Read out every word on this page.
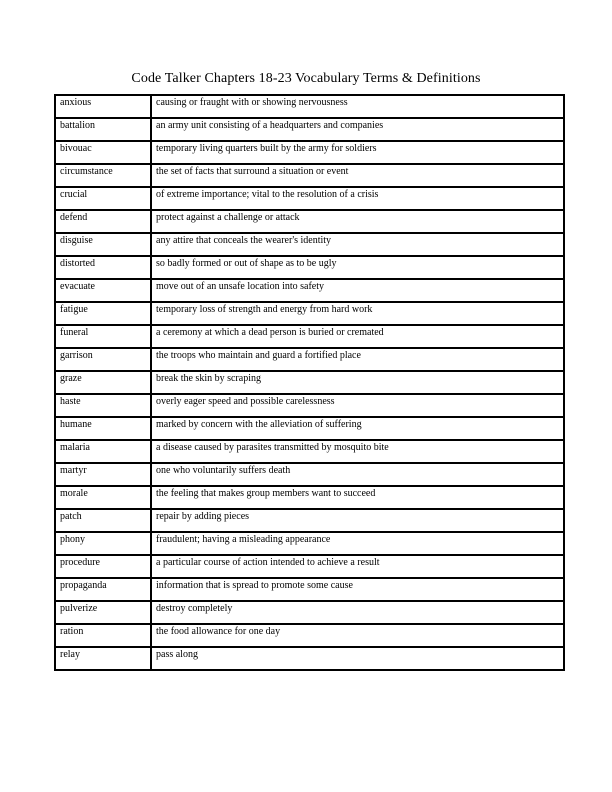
Code Talker Chapters 18-23 Vocabulary Terms & Definitions
anxious	causing or fraught with or showing nervousness
battalion	an army unit consisting of a headquarters and companies
bivouac	temporary living quarters built by the army for soldiers
circumstance	the set of facts that surround a situation or event
crucial	of extreme importance; vital to the resolution of a crisis
defend	protect against a challenge or attack
disguise	any attire that conceals the wearer's identity
distorted	so badly formed or out of shape as to be ugly
evacuate	move out of an unsafe location into safety
fatigue	temporary loss of strength and energy from hard work
funeral	a ceremony at which a dead person is buried or cremated
garrison	the troops who maintain and guard a fortified place
graze	break the skin by scraping
haste	overly eager speed and possible carelessness
humane	marked by concern with the alleviation of suffering
malaria	a disease caused by parasites transmitted by mosquito bite
martyr	one who voluntarily suffers death
morale	the feeling that makes group members want to succeed
patch	repair by adding pieces
phony	fraudulent; having a misleading appearance
procedure	a particular course of action intended to achieve a result
propaganda	information that is spread to promote some cause
pulverize	destroy completely
ration	the food allowance for one day
relay	pass along
